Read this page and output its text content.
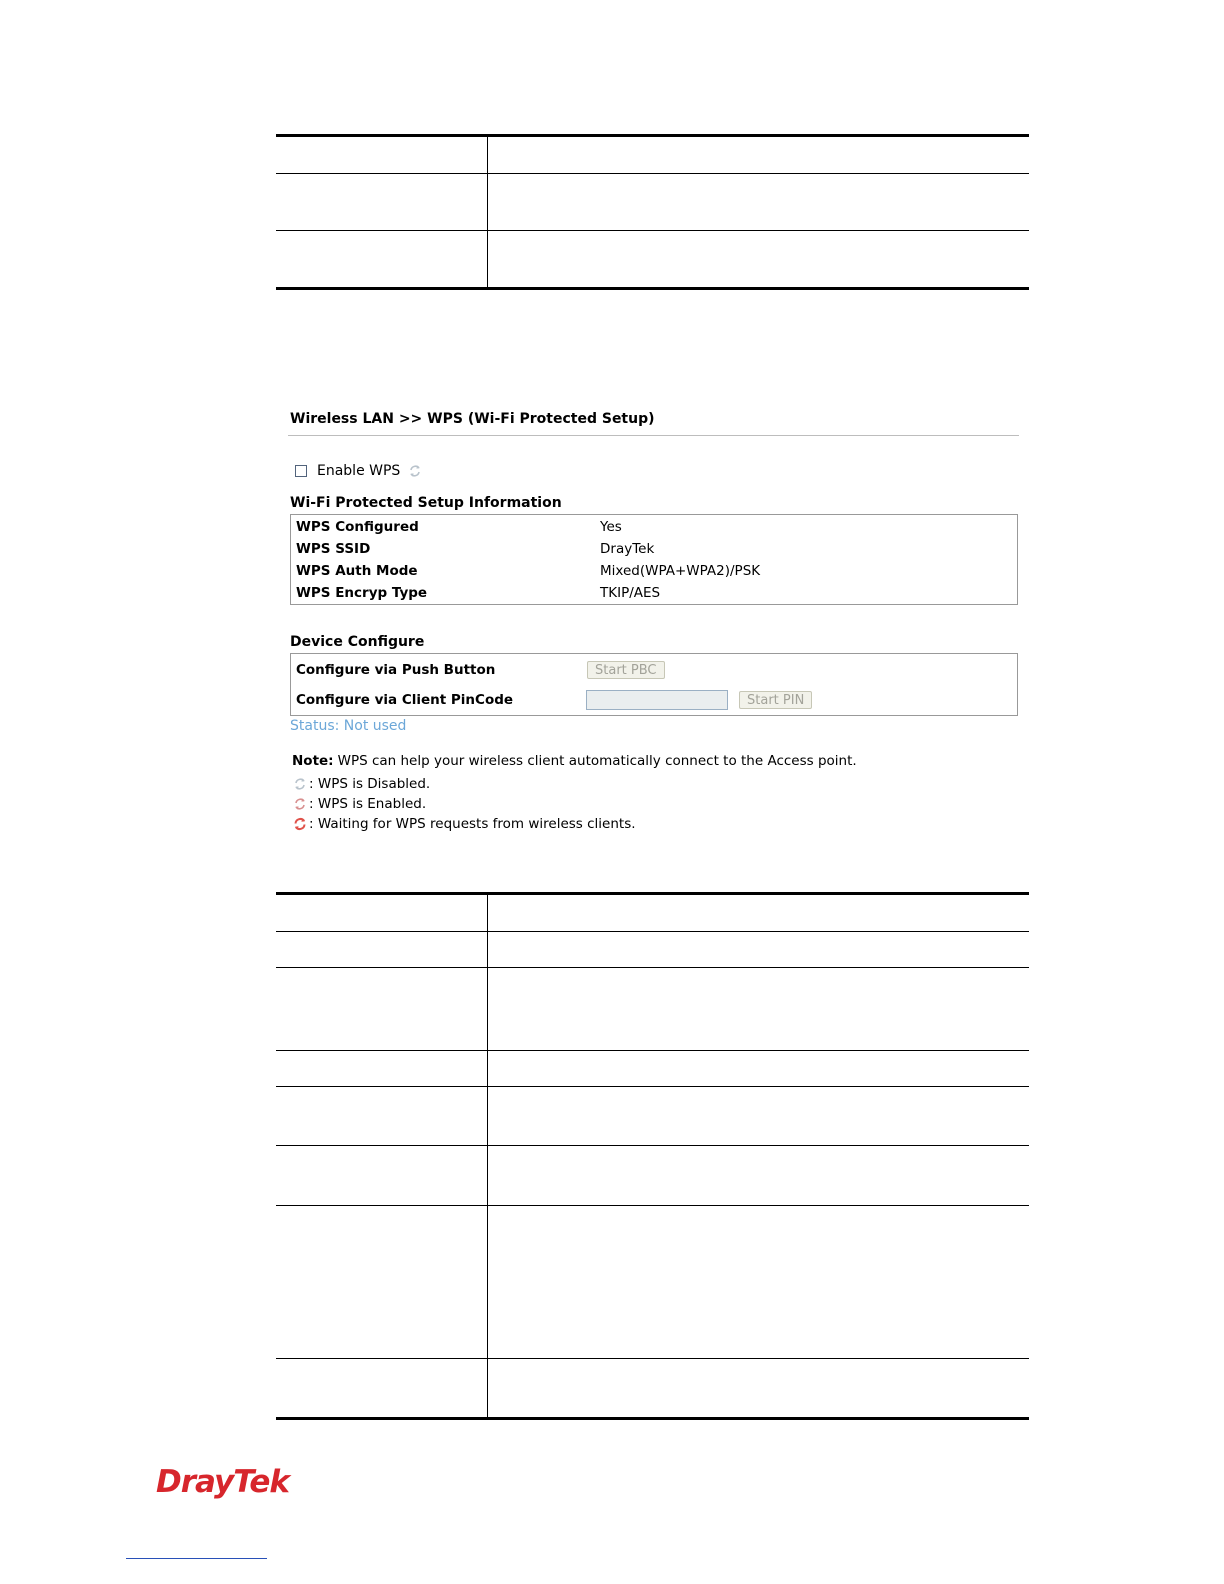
Wireless LAN >> WPS (Wi-Fi Protected Setup)
Enable WPS
Wi-Fi Protected Setup Information
WPS Configured	Yes
WPS SSID	DrayTek
WPS Auth Mode	Mixed(WPA+WPA2)/PSK
WPS Encryp Type	TKIP/AES
Device Configure
Configure via Push Button	Start PBC
Configure via Client PinCode	Start PIN
Status: Not used
Note: WPS can help your wireless client automatically connect to the Access point.
: WPS is Disabled.
: WPS is Enabled.
: Waiting for WPS requests from wireless clients.
DrayTek
